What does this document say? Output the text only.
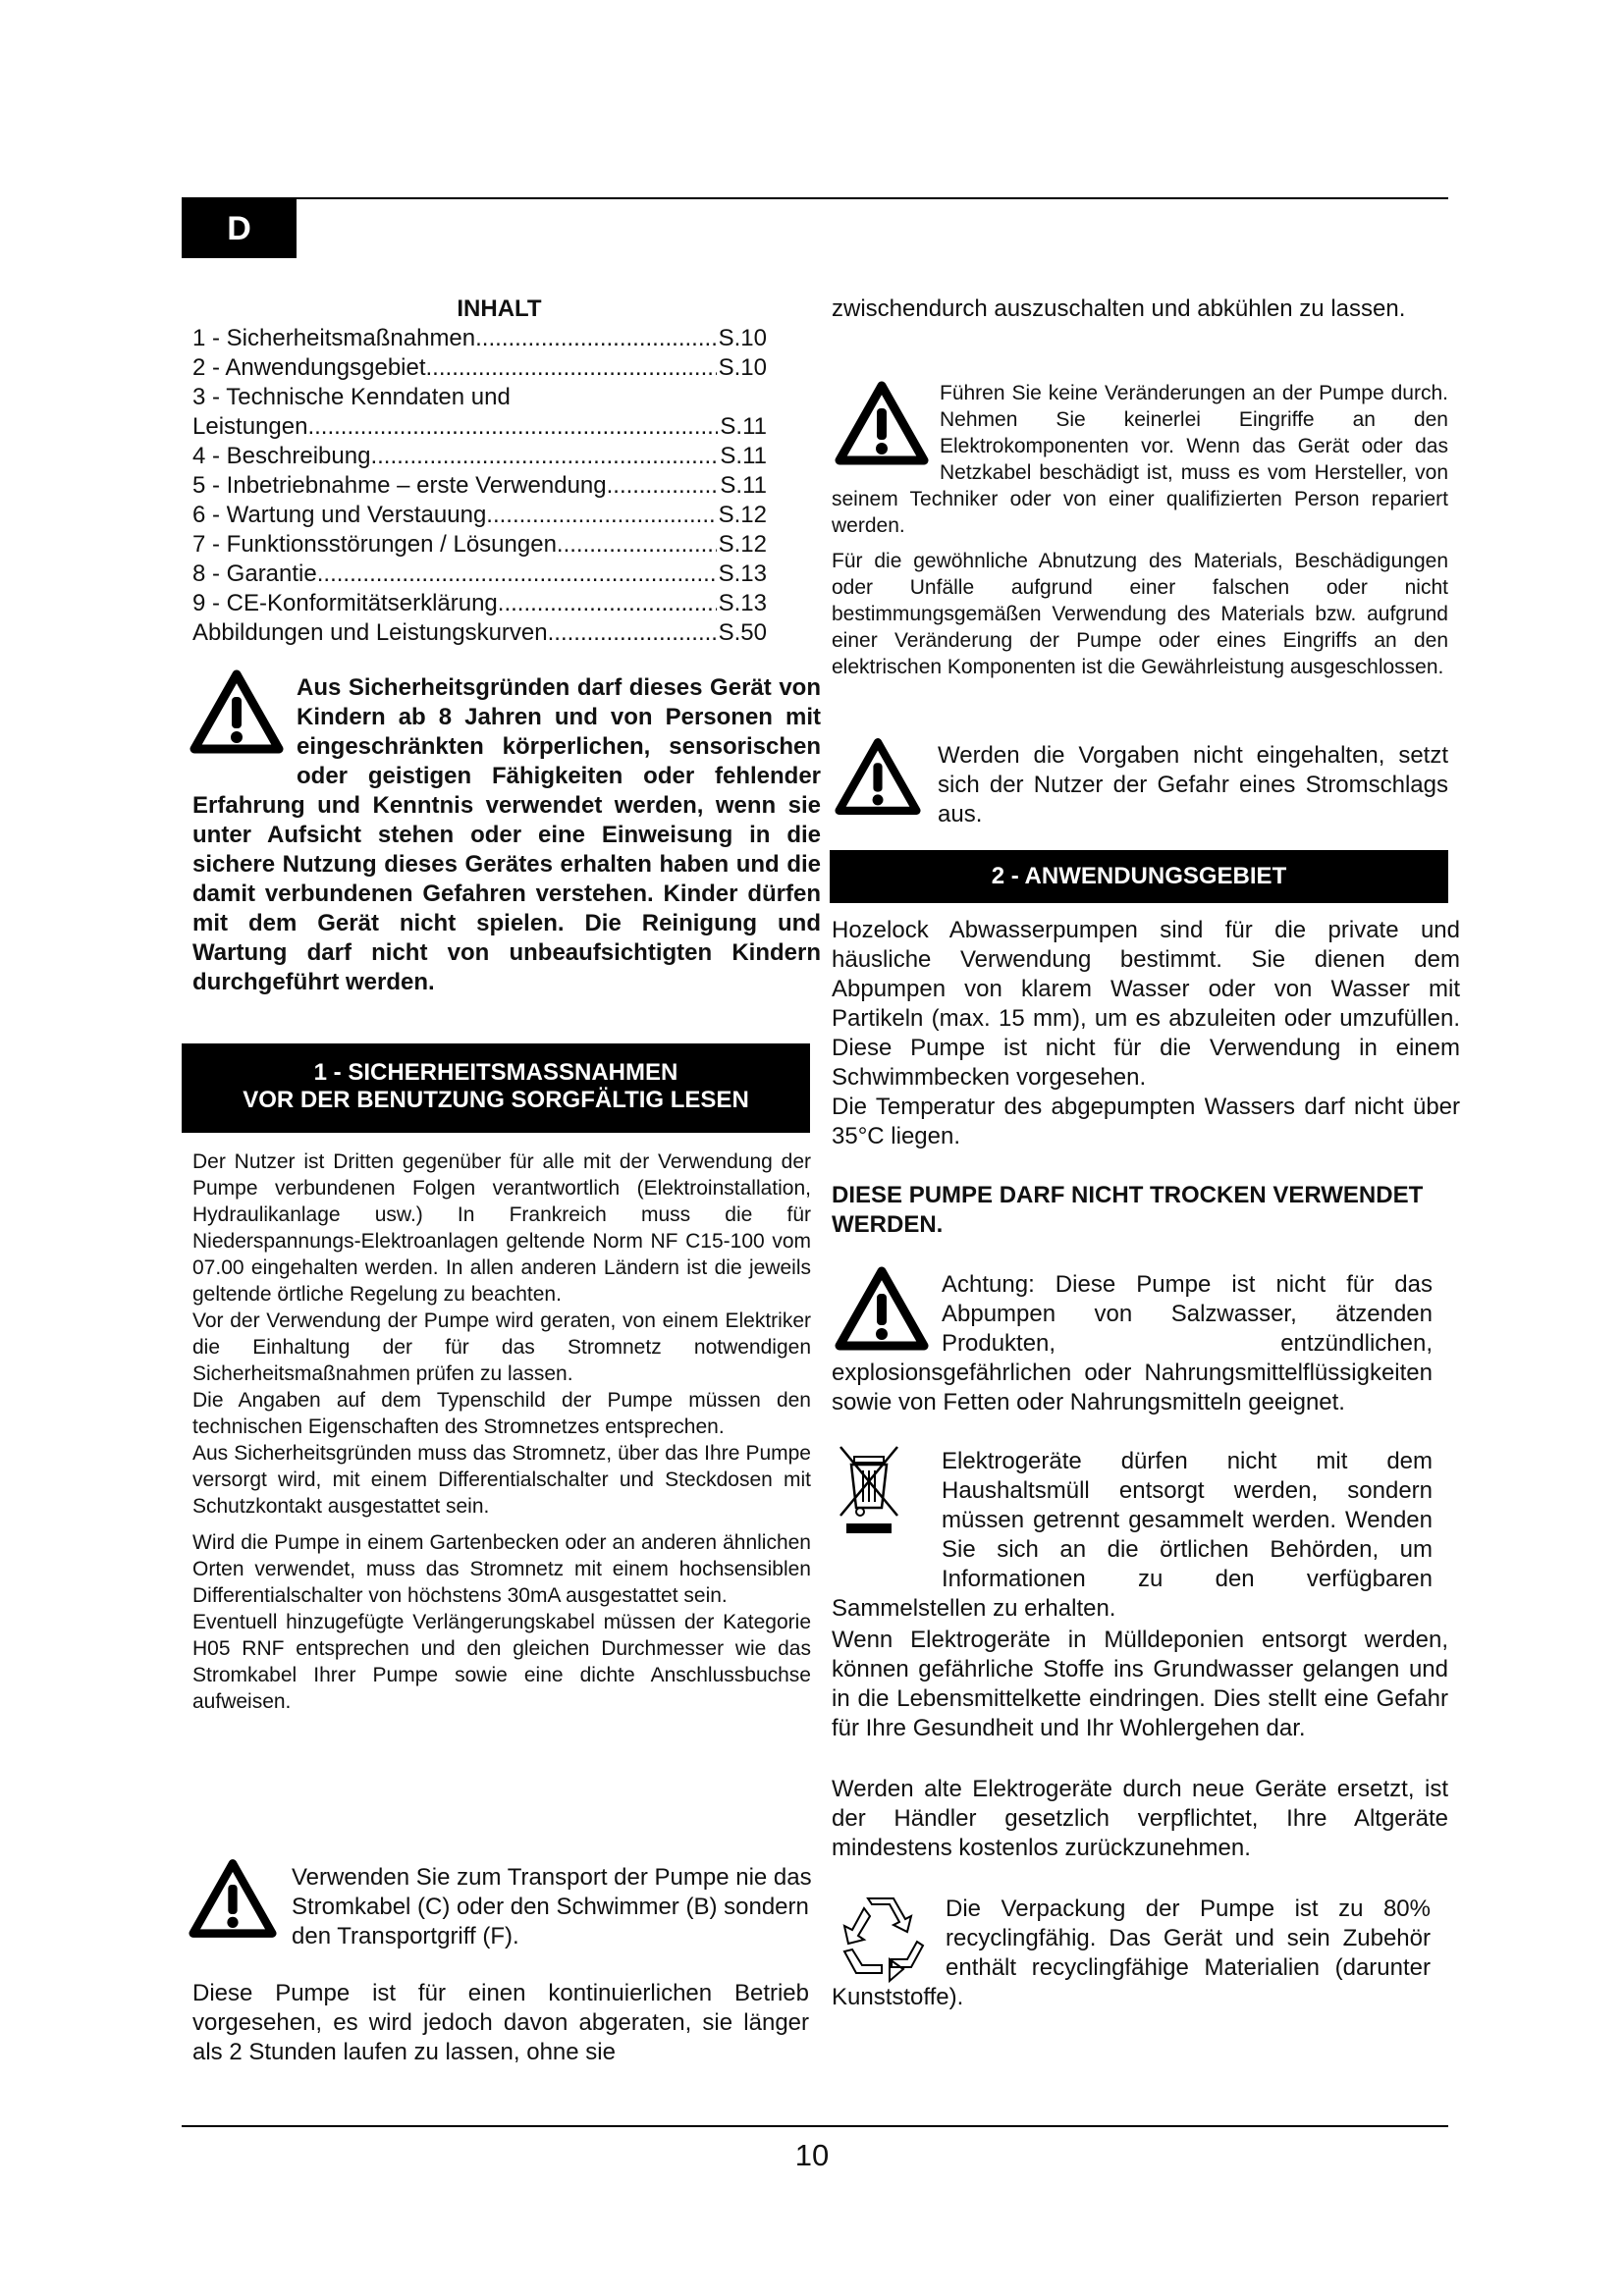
D
INHALT
1 - Sicherheitsmaßnahmen .....	S.10
2 - Anwendungsgebiet .....	S.10
3 - Technische Kenndaten und
Leistungen .....	S.11
4 - Beschreibung .....	S.11
5 - Inbetriebnahme – erste Verwendung .....	S.11
6 - Wartung und Verstauung .....	S.12
7 - Funktionsstörungen / Lösungen .....	S.12
8 - Garantie .....	S.13
9 - CE-Konformitätserklärung .....	S.13
Abbildungen und Leistungskurven .....	S.50
Aus Sicherheitsgründen darf dieses Gerät von Kindern ab 8 Jahren und von Personen mit eingeschränkten körperlichen, sensorischen oder geistigen Fähigkeiten oder fehlender Erfahrung und Kenntnis verwendet werden, wenn sie unter Aufsicht stehen oder eine Einweisung in die sichere Nutzung dieses Gerätes erhalten haben und die damit verbundenen Gefahren verstehen. Kinder dürfen mit dem Gerät nicht spielen. Die Reinigung und Wartung darf nicht von unbeaufsichtigten Kindern durchgeführt werden.
1 - SICHERHEITSMASSNAHMEN
VOR DER BENUTZUNG SORGFÄLTIG LESEN

Der Nutzer ist Dritten gegenüber für alle mit der Verwendung der Pumpe verbundenen Folgen verantwortlich (Elektroinstallation, Hydraulikanlage usw.) In Frankreich muss die für Niederspannungs-Elektroanlagen geltende Norm NF C15-100 vom 07.00 eingehalten werden. In allen anderen Ländern ist die jeweils geltende örtliche Regelung zu beachten.

Vor der Verwendung der Pumpe wird geraten, von einem Elektriker die Einhaltung der für das Stromnetz notwendigen Sicherheitsmaßnahmen prüfen zu lassen.

Die Angaben auf dem Typenschild der Pumpe müssen den technischen Eigenschaften des Stromnetzes entsprechen.

Aus Sicherheitsgründen muss das Stromnetz, über das Ihre Pumpe versorgt wird, mit einem Differentialschalter und Steckdosen mit Schutzkontakt ausgestattet sein.

Wird die Pumpe in einem Gartenbecken oder an anderen ähnlichen Orten verwendet, muss das Stromnetz mit einem hochsensiblen Differentialschalter von höchstens 30mA ausgestattet sein.

Eventuell hinzugefügte Verlängerungskabel müssen der Kategorie H05 RNF entsprechen und den gleichen Durchmesser wie das Stromkabel Ihrer Pumpe sowie eine dichte Anschlussbuchse aufweisen.

Verwenden Sie zum Transport der Pumpe nie das Stromkabel (C) oder den Schwimmer (B) sondern den Transportgriff (F).
Diese Pumpe ist für einen kontinuierlichen Betrieb vorgesehen, es wird jedoch davon abgeraten, sie länger als 2 Stunden laufen zu lassen, ohne sie
zwischendurch auszuschalten und abkühlen zu lassen.
Führen Sie keine Veränderungen an der Pumpe durch. Nehmen Sie keinerlei Eingriffe an den Elektrokomponenten vor. Wenn das Gerät oder das Netzkabel beschädigt ist, muss es vom Hersteller, von seinem Techniker oder von einer qualifizierten Person repariert werden.
Für die gewöhnliche Abnutzung des Materials, Beschädigungen oder Unfälle aufgrund einer falschen oder nicht bestimmungsgemäßen Verwendung des Materials bzw. aufgrund einer Veränderung der Pumpe oder eines Eingriffs an den elektrischen Komponenten ist die Gewährleistung ausgeschlossen.
Werden die Vorgaben nicht eingehalten, setzt sich der Nutzer der Gefahr eines Stromschlags aus.
2 - ANWENDUNGSGEBIET

Hozelock Abwasserpumpen sind für die private und häusliche Verwendung bestimmt. Sie dienen dem Abpumpen von klarem Wasser oder von Wasser mit Partikeln (max. 15 mm), um es abzuleiten oder umzufüllen. Diese Pumpe ist nicht für die Verwendung in einem Schwimmbecken vorgesehen.

Die Temperatur des abgepumpten Wassers darf nicht über 35°C liegen.

DIESE PUMPE DARF NICHT TROCKEN VERWENDET WERDEN.
Achtung: Diese Pumpe ist nicht für das Abpumpen von Salzwasser, ätzenden Produkten, entzündlichen, explosionsgefährlichen oder Nahrungsmittelflüssigkeiten sowie von Fetten oder Nahrungsmitteln geeignet.
Elektrogeräte dürfen nicht mit dem Haushaltsmüll entsorgt werden, sondern müssen getrennt gesammelt werden. Wenden Sie sich an die örtlichen Behörden, um Informationen zu den verfügbaren Sammelstellen zu erhalten.
Wenn Elektrogeräte in Mülldeponien entsorgt werden, können gefährliche Stoffe ins Grundwasser gelangen und in die Lebensmittelkette eindringen. Dies stellt eine Gefahr für Ihre Gesundheit und Ihr Wohlergehen dar.
Werden alte Elektrogeräte durch neue Geräte ersetzt, ist der Händler gesetzlich verpflichtet, Ihre Altgeräte mindestens kostenlos zurückzunehmen.
Die Verpackung der Pumpe ist zu 80% recyclingfähig. Das Gerät und sein Zubehör enthält recyclingfähige Materialien (darunter Kunststoffe).
10
